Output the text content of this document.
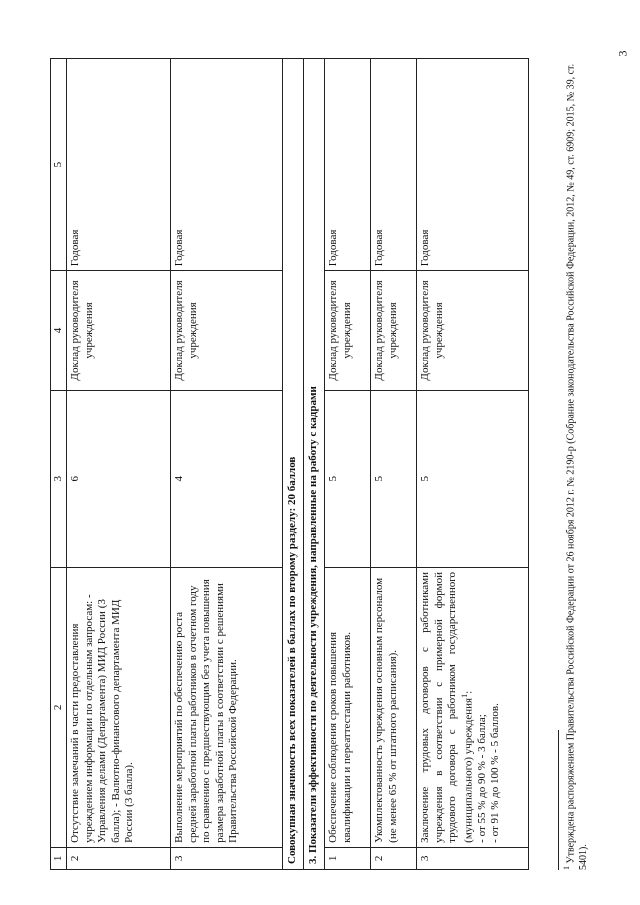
3
1	2	3	4	5
2	Отсутствие замечаний в части предоставления учреждением информации по отдельным запросам: - Управления делами (Департамента) МИД России (3 балла); - Валютно-финансового департамента МИД России (3 балла).	6	Доклад руководителя учреждения	Годовая
3	Выполнение мероприятий по обеспечению роста средней заработной платы работников в отчетном году по сравнению с предшествующим без учета повышения размера заработной платы в соответствии с решениями Правительства Российской Федерации.	4	Доклад руководителя учреждения	Годовая
Совокупная значимость всех показателей в баллах по второму разделу: 20 баллов				
3. Показатели эффективности по деятельности учреждения, направленные на работу с кадрами				
1	Обеспечение соблюдения сроков повышения квалификации и переаттестации работников.	5	Доклад руководителя учреждения	Годовая
2	Укомплектованность учреждения основным персоналом (не менее 65 % от штатного расписания).	5	Доклад руководителя учреждения	Годовая
3	Заключение трудовых договоров с работниками учреждения в соответствии с примерной формой трудового договора с работником государственного (муниципального) учреждения$^1$:
- от 55 % до 90 % - 3 балла;
- от 91 % до 100 % - 5 баллов.	5	Доклад руководителя учреждения	Годовая
$^1$ Утверждена распоряжением Правительства Российской Федерации от 26 ноября 2012 г. № 2190-р (Собрание законодательства Российской Федерации, 2012, № 49, ст. 6909; 2015, № 39, ст. 5401).
